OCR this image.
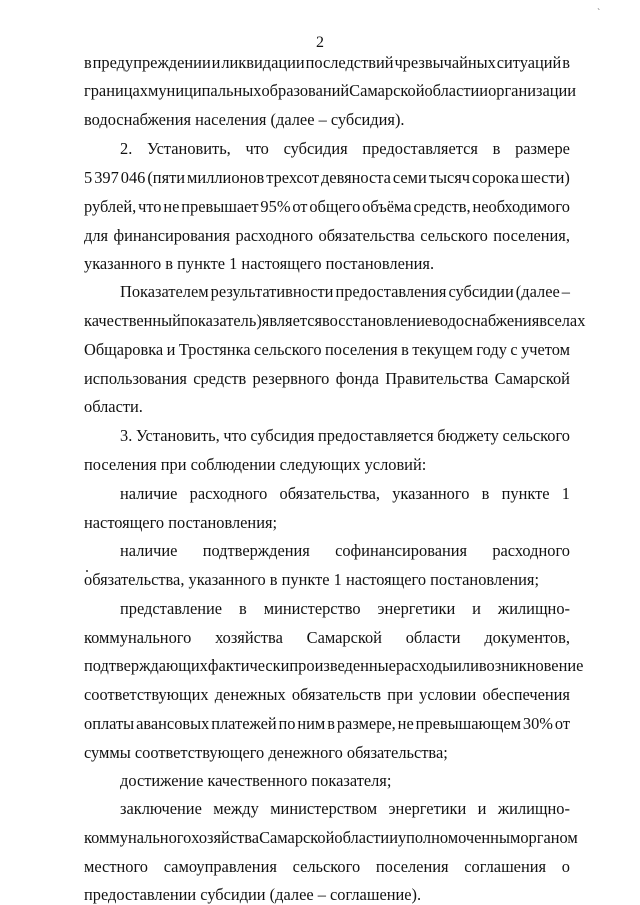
`
2
в предупреждении и ликвидации последствий чрезвычайных ситуаций в
границах муниципальных образований Самарской области и организации
водоснабжения населения (далее – субсидия).
2. Установить, что субсидия предоставляется в размере
5 397 046 (пяти миллионов трехсот девяноста семи тысяч сорока шести)
рублей, что не превышает 95% от общего объёма средств, необходимого
для финансирования расходного обязательства сельского поселения,
указанного в пункте 1 настоящего постановления.
Показателем результативности предоставления субсидии (далее –
качественный показатель) является восстановление водоснабжения в селах
Общаровка и Тростянка сельского поселения в текущем году с учетом
использования средств резервного фонда Правительства Самарской
области.
3. Установить, что субсидия предоставляется бюджету сельского
поселения при соблюдении следующих условий:
наличие расходного обязательства, указанного в пункте 1
настоящего постановления;
наличие подтверждения софинансирования расходного
обязательства, указанного в пункте 1 настоящего постановления;
представление в министерство энергетики и жилищно-
коммунального хозяйства Самарской области документов,
подтверждающих фактически произведенные расходы или возникновение
соответствующих денежных обязательств при условии обеспечения
оплаты авансовых платежей по ним в размере, не превышающем 30% от
суммы соответствующего денежного обязательства;
достижение качественного показателя;
заключение между министерством энергетики и жилищно-
коммунального хозяйства Самарской области и уполномоченным органом
местного самоуправления сельского поселения соглашения о
предоставлении субсидии (далее – соглашение).
